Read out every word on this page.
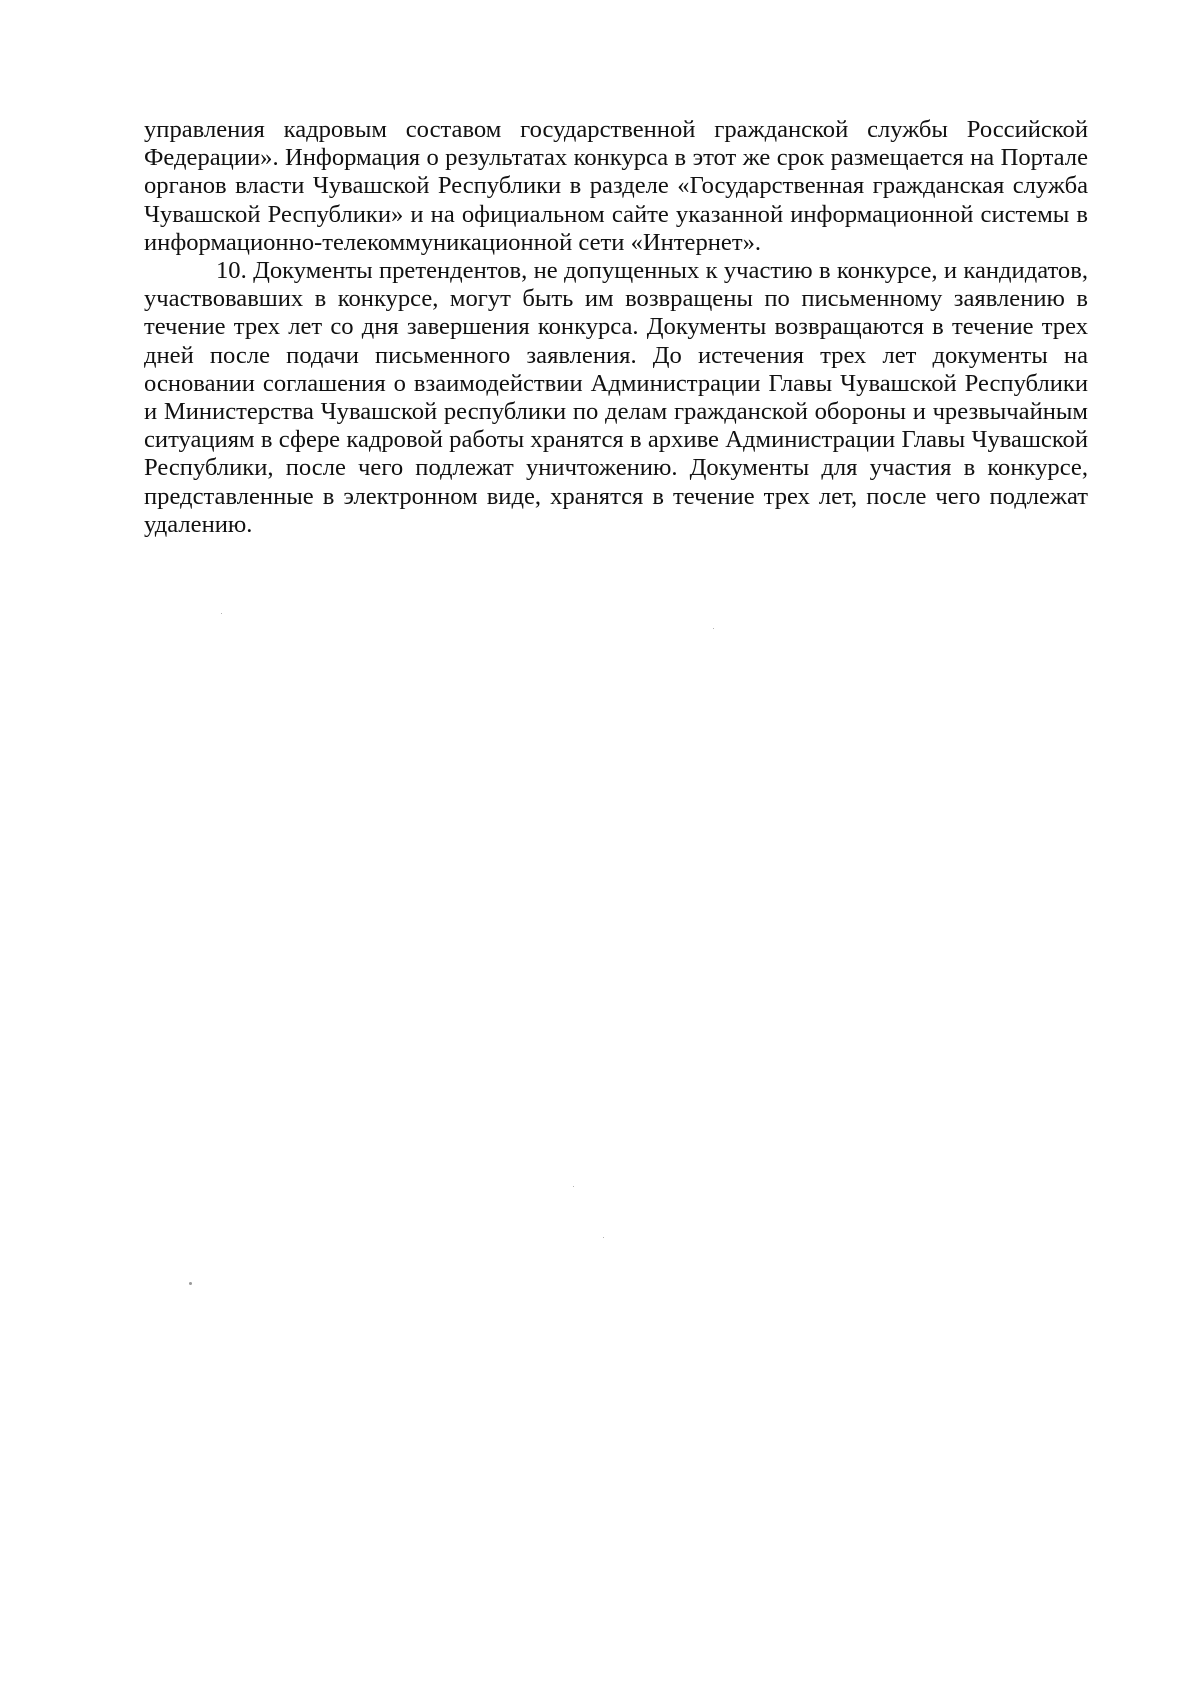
управления кадровым составом государственной гражданской службы Российской Федерации». Информация о результатах конкурса в этот же срок размещается на Портале органов власти Чувашской Республики в разделе «Государственная гражданская служба Чувашской Республики» и на официальном сайте указанной информационной системы в информационно-телекоммуникационной сети «Интернет».

10. Документы претендентов, не допущенных к участию в конкурсе, и кандидатов, участвовавших в конкурсе, могут быть им возвращены по письменному заявлению в течение трех лет со дня завершения конкурса. Документы возвращаются в течение трех дней после подачи письменного заявления. До истечения трех лет документы на основании соглашения о взаимодействии Администрации Главы Чувашской Республики и Министерства Чувашской республики по делам гражданской обороны и чрезвычайным ситуациям в сфере кадровой работы хранятся в архиве Администрации Главы Чувашской Республики, после чего подлежат уничтожению. Документы для участия в конкурсе, представленные в электронном виде, хранятся в течение трех лет, после чего подлежат удалению.
